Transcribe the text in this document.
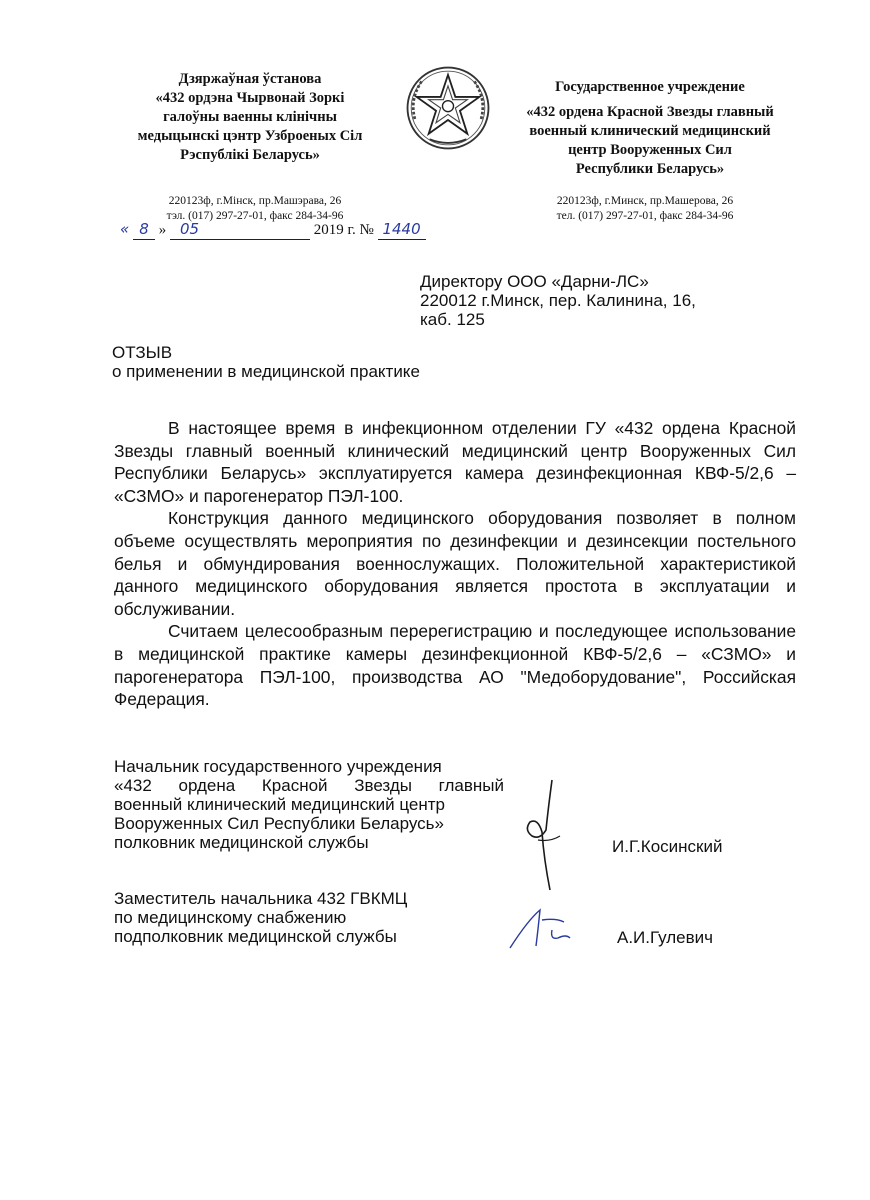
Дзяржаўная ўстанова
«432 ордэна Чырвонай Зоркі
галоўны ваенны клінічны
медыцынскі цэнтр Узброеных Сіл
Рэспублікі Беларусь»
220123ф, г.Мінск, пр.Машэрава, 26
тэл. (017) 297-27-01, факс 284-34-96
Государственное учреждение
«432 ордена Красной Звезды главный
военный клинический медицинский
центр Вооруженных Сил
Республики Беларусь»
220123ф, г.Минск, пр.Машерова, 26
тел. (017) 297-27-01, факс 284-34-96
« 8 » 05	2019 г. № 1440
Директору ООО «Дарни-ЛС»
220012 г.Минск, пер. Калинина, 16,
каб. 125
ОТЗЫВ
о применении в медицинской практике

В настоящее время в инфекционном отделении ГУ «432 ордена Красной Звезды главный военный клинический медицинский центр Вооруженных Сил Республики Беларусь» эксплуатируется камера дезинфекционная КВФ-5/2,6 – «СЗМО» и парогенератор ПЭЛ-100.

Конструкция данного медицинского оборудования позволяет в полном объеме осуществлять мероприятия по дезинфекции и дезинсекции постельного белья и обмундирования военнослужащих. Положительной характеристикой данного медицинского оборудования является простота в эксплуатации и обслуживании.

Считаем целесообразным перерегистрацию и последующее использование в медицинской практике камеры дезинфекционной КВФ-5/2,6 – «СЗМО» и парогенератора ПЭЛ-100, производства АО "Медоборудование", Российская Федерация.

Начальник государственного учреждения
«432 ордена Красной Звезды главный
военный клинический медицинский центр
Вооруженных Сил Республики Беларусь»
полковник медицинской службы	И.Г.Косинский
Заместитель начальника 432 ГВКМЦ
по медицинскому снабжению
подполковник медицинской службы	А.И.Гулевич
